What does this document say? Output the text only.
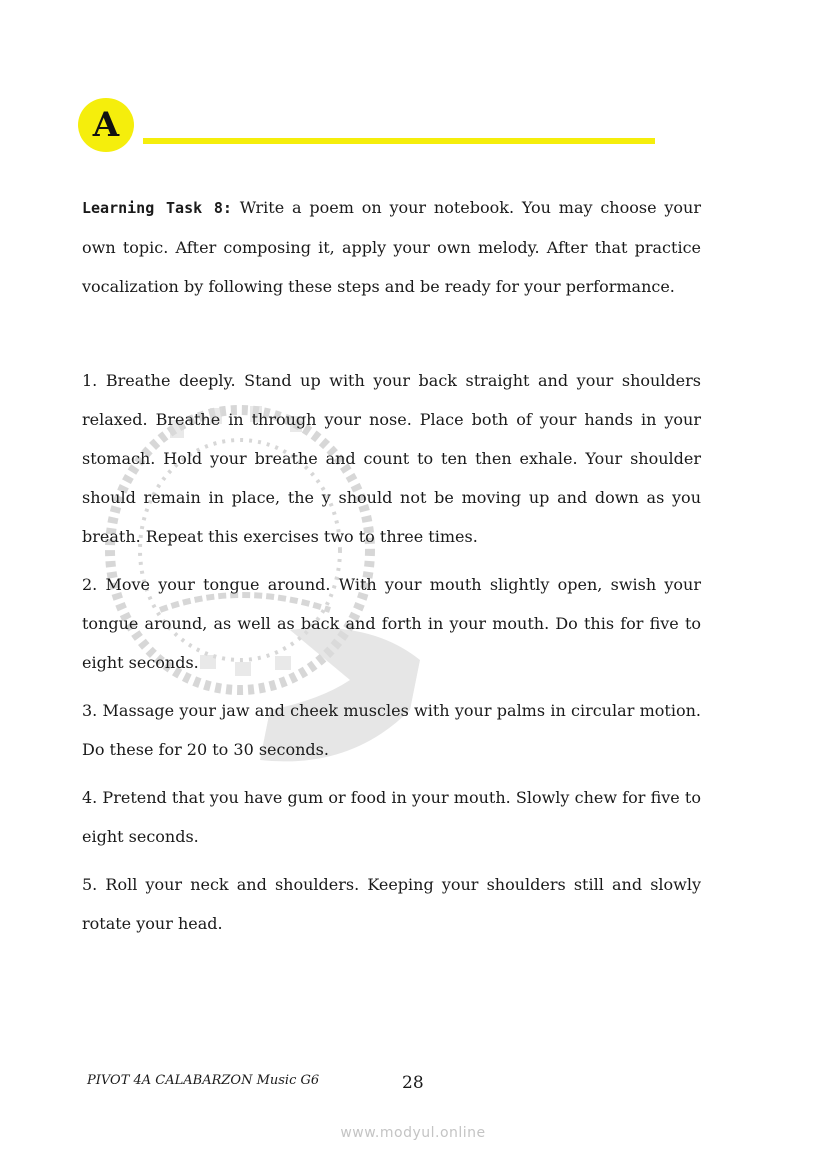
A

Learning Task 8: Write a poem on your notebook. You may choose your own topic. After composing it, apply your own melody. After that practice vocalization by following these steps and be ready for your performance.

1. Breathe deeply. Stand up with your back straight and your shoulders relaxed. Breathe in through your nose. Place both of your hands in your stomach. Hold your breathe and count to ten then exhale. Your shoulder should remain in place, the y should not be moving up and down as you breath. Repeat this exercises two to three times.
2. Move your tongue around. With your mouth slightly open, swish your tongue around, as well as back and forth in your mouth. Do this for five to eight seconds.
3. Massage your jaw and cheek muscles with your palms in circular motion. Do these for 20 to 30 seconds.
4. Pretend that you have gum or food in your mouth. Slowly chew for five to eight seconds.
5. Roll your neck and shoulders. Keeping your shoulders still and slowly rotate your head.
PIVOT 4A CALABARZON Music G6	28
www.modyul.online
